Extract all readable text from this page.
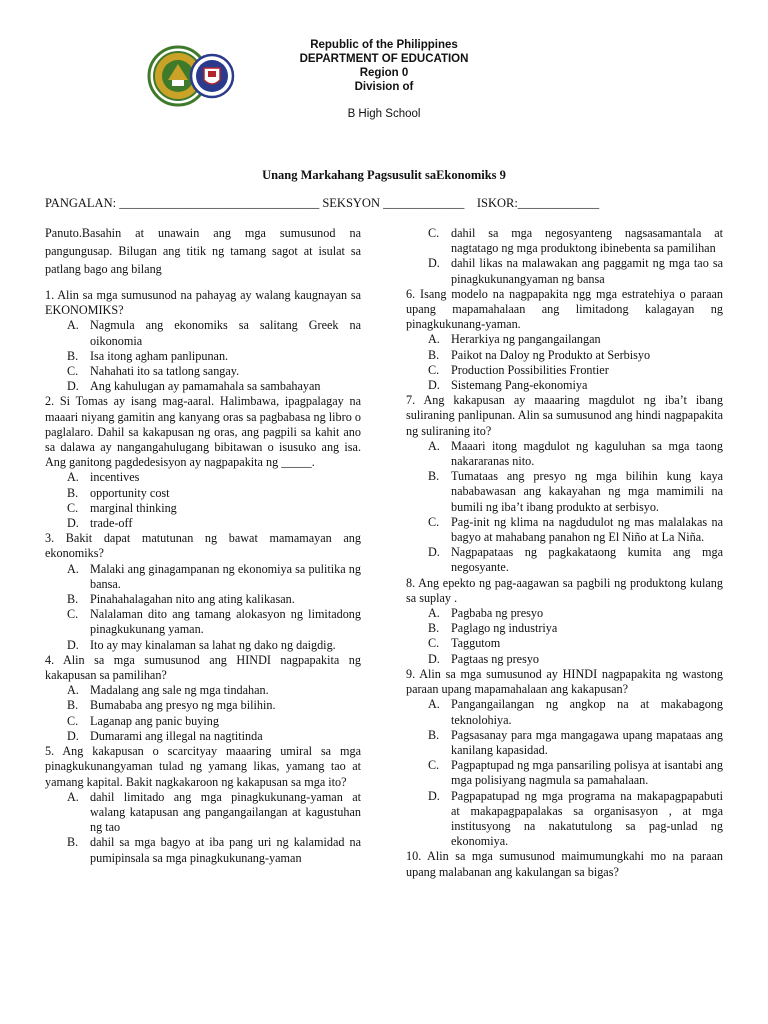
Republic of the Philippines
DEPARTMENT OF EDUCATION
Region 0
Division of
B High School
Unang Markahang Pagsusulit saEkonomiks 9
PANGALAN: ________________________________ SEKSYON _____________ ISKOR:_____________

Panuto.Basahin at unawain ang mga sumusunod na pangungusap. Bilugan ang titik ng tamang sagot at isulat sa patlang bago ang bilang

1. Alin sa mga sumusunod na pahayag ay walang kaugnayan sa EKONOMIKS?

A. Nagmula ang ekonomiks sa salitang Greek na oikonomia
B. Isa itong agham panlipunan.
C. Nahahati ito sa tatlong sangay.
D. Ang kahulugan ay pamamahala sa sambahayan

2. Si Tomas ay isang mag-aaral. Halimbawa, ipagpalagay na maaari niyang gamitin ang kanyang oras sa pagbabasa ng libro o paglalaro. Dahil sa kakapusan ng oras, ang pagpili sa kahit ano sa dalawa ay nangangahulugang bibitawan o isusuko ang isa. Ang ganitong pagdedesisyon ay nagpapakita ng _____.

A. incentives
B. opportunity cost
C. marginal thinking
D. trade-off

3. Bakit dapat matutunan ng bawat mamamayan ang ekonomiks?

A. Malaki ang ginagampanan ng ekonomiya sa pulitika ng bansa.
B. Pinahahalagahan nito ang ating kalikasan.
C. Nalalaman dito ang tamang alokasyon ng limitadong pinagkukunang yaman.
D. Ito ay may kinalaman sa lahat ng dako ng daigdig.

4. Alin sa mga sumusunod ang HINDI nagpapakita ng kakapusan sa pamilihan?

A. Madalang ang sale ng mga tindahan.
B. Bumababa ang presyo ng mga bilihin.
C. Laganap ang panic buying
D. Dumarami ang illegal na nagtitinda

5. Ang kakapusan o scarcityay maaaring umiral sa mga pinagkukunangyaman tulad ng yamang likas, yamang tao at yamang kapital. Bakit nagkakaroon ng kakapusan sa mga ito?

A. dahil limitado ang mga pinagkukunang-yaman at walang katapusan ang pangangailangan at kagustuhan ng tao
B. dahil sa mga bagyo at iba pang uri ng kalamidad na pumipinsala sa mga pinagkukunang-yaman
C. dahil sa mga negosyanteng nagsasamantala at nagtatago ng mga produktong ibinebenta sa pamilihan
D. dahil likas na malawakan ang paggamit ng mga tao sa pinagkukunangyaman ng bansa

6. Isang modelo na nagpapakita ngg mga estratehiya o paraan upang mapamahalaan ang limitadong kalagayan ng pinagkukunang-yaman.

A. Herarkiya ng pangangailangan
B. Paikot na Daloy ng Produkto at Serbisyo
C. Production Possibilities Frontier
D. Sistemang Pang-ekonomiya

7. Ang kakapusan ay maaaring magdulot ng iba’t ibang suliraning panlipunan. Alin sa sumusunod ang hindi nagpapakita ng suliraning ito?

A. Maaari itong magdulot ng kaguluhan sa mga taong nakararanas nito.
B. Tumataas ang presyo ng mga bilihin kung kaya nababawasan ang kakayahan ng mga mamimili na bumili ng iba’t ibang produkto at serbisyo.
C. Pag-init ng klima na nagdudulot ng mas malalakas na bagyo at mahabang panahon ng El Niño at La Niña.
D. Nagpapataas ng pagkakataong kumita ang mga negosyante.

8. Ang epekto ng pag-aagawan sa pagbili ng produktong kulang sa suplay .

A. Pagbaba ng presyo
B. Paglago ng industriya
C. Taggutom
D. Pagtaas ng presyo

9. Alin sa mga sumusunod ay HINDI nagpapakita ng wastong paraan upang mapamahalaan ang kakapusan?

A. Pangangailangan ng angkop na at makabagong teknolohiya.
B. Pagsasanay para mga mangagawa upang mapataas ang kanilang kapasidad.
C. Pagpaptupad ng mga pansariling polisya at isantabi ang mga polisiyang nagmula sa pamahalaan.
D. Pagpapatupad ng mga programa na makapagpapabuti at makapagpapalakas sa organisasyon , at mga institusyong na nakatutulong sa pag-unlad ng ekonomiya.

10. Alin sa mga sumusunod maimumungkahi mo na paraan upang malabanan ang kakulangan sa bigas?
